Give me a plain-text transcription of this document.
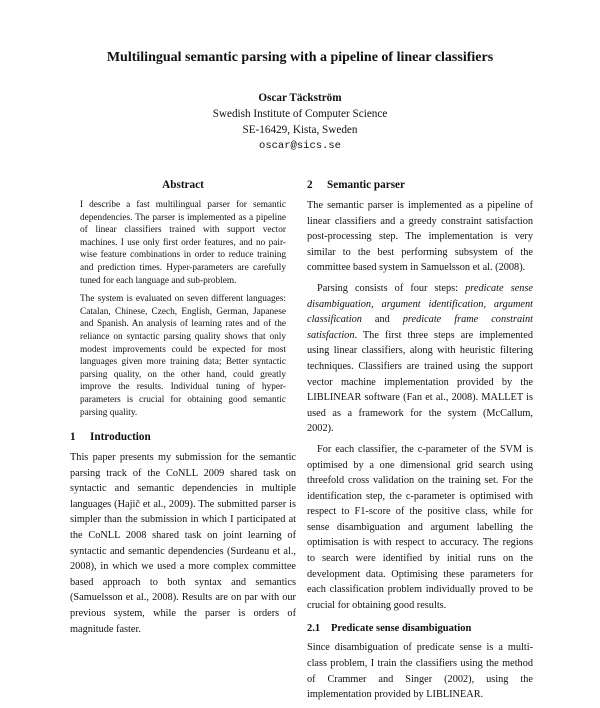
Multilingual semantic parsing with a pipeline of linear classifiers
Oscar Täckström
Swedish Institute of Computer Science
SE-16429, Kista, Sweden
oscar@sics.se
Abstract

I describe a fast multilingual parser for semantic dependencies. The parser is implemented as a pipeline of linear classifiers trained with support vector machines. I use only first order features, and no pair-wise feature combinations in order to reduce training and prediction times. Hyper-parameters are carefully tuned for each language and sub-problem.

The system is evaluated on seven different languages: Catalan, Chinese, Czech, English, German, Japanese and Spanish. An analysis of learning rates and of the reliance on syntactic parsing quality shows that only modest improvements could be expected for most languages given more training data; Better syntactic parsing quality, on the other hand, could greatly improve the results. Individual tuning of hyper-parameters is crucial for obtaining good semantic parsing quality.

1 Introduction

This paper presents my submission for the semantic parsing track of the CoNLL 2009 shared task on syntactic and semantic dependencies in multiple languages (Hajič et al., 2009). The submitted parser is simpler than the submission in which I participated at the CoNLL 2008 shared task on joint learning of syntactic and semantic dependencies (Surdeanu et al., 2008), in which we used a more complex committee based approach to both syntax and semantics (Samuelsson et al., 2008). Results are on par with our previous system, while the parser is orders of magnitude faster.

2 Semantic parser

The semantic parser is implemented as a pipeline of linear classifiers and a greedy constraint satisfaction post-processing step. The implementation is very similar to the best performing subsystem of the committee based system in Samuelsson et al. (2008).

Parsing consists of four steps: predicate sense disambiguation, argument identification, argument classification and predicate frame constraint satisfaction. The first three steps are implemented using linear classifiers, along with heuristic filtering techniques. Classifiers are trained using the support vector machine implementation provided by the LIBLINEAR software (Fan et al., 2008). MALLET is used as a framework for the system (McCallum, 2002).

For each classifier, the c-parameter of the SVM is optimised by a one dimensional grid search using threefold cross validation on the training set. For the identification step, the c-parameter is optimised with respect to F1-score of the positive class, while for sense disambiguation and argument labelling the optimisation is with respect to accuracy. The regions to search were identified by initial runs on the development data. Optimising these parameters for each classification problem individually proved to be crucial for obtaining good results.

2.1 Predicate sense disambiguation

Since disambiguation of predicate sense is a multi-class problem, I train the classifiers using the method of Crammer and Singer (2002), using the implementation provided by LIBLINEAR.
